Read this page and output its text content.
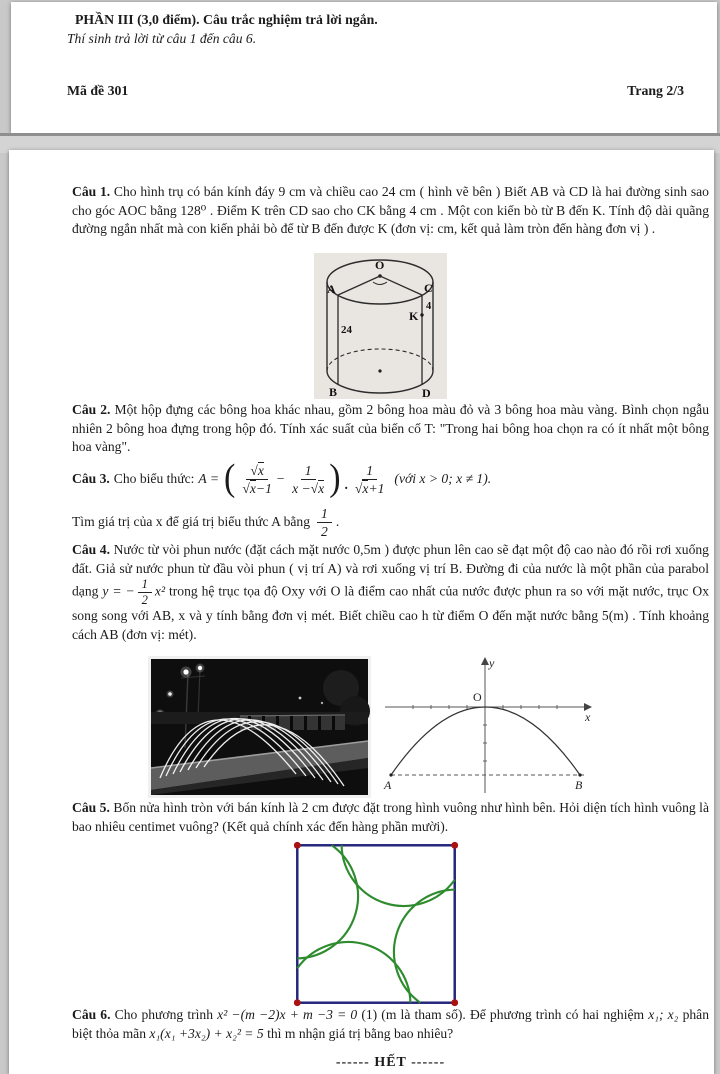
PHẦN III (3,0 điểm). Câu trắc nghiệm trả lời ngắn.
Thí sinh trả lời từ câu 1 đến câu 6.
Mã đề 301	Trang 2/3

Câu 1. Cho hình trụ có bán kính đáy 9 cm và chiều cao 24 cm ( hình vẽ bên ) Biết AB và CD là hai đường sinh sao cho góc AOC bằng 128⁰ . Điểm K trên CD sao cho CK bằng 4 cm . Một con kiến bò từ B đến K. Tính độ dài quãng đường ngắn nhất mà con kiến phải bò để từ B đến được K (đơn vị: cm, kết quả làm tròn đến hàng đơn vị ) .

O
A	C
K
4
24
B	D

Câu 2. Một hộp đựng các bông hoa khác nhau, gồm 2 bông hoa màu đỏ và 3 bông hoa màu vàng. Bình chọn ngẫu nhiên 2 bông hoa đựng trong hộp đó. Tính xác suất của biến cố T: "Trong hai bông hoa chọn ra có ít nhất một bông hoa vàng".

Câu 3. Cho biểu thức: A = ( $\frac{√x}{√x-1} - \frac{1}{x -√x}$ ) . $\frac{1}{√x+1}$ (với x > 0; x ≠ 1).
Tìm giá trị của x để giá trị biểu thức A bằng $\frac{1}{2}$ .

Câu 4. Nước từ vòi phun nước (đặt cách mặt nước 0,5m ) được phun lên cao sẽ đạt một độ cao nào đó rồi rơi xuống đất. Giả sử nước phun từ đầu vòi phun ( vị trí A) và rơi xuống vị trí B. Đường đi của nước là một phần của parabol dạng y = − $\frac{1}{2} x^2$ trong hệ trục tọa độ Oxy với O là điểm cao nhất của nước được phun ra so với mặt nước, trục Ox song song với AB, x và y tính bằng đơn vị mét. Biết chiều cao h từ điểm O đến mặt nước bằng 5(m) . Tính khoảng cách AB (đơn vị: mét).

y
x
O
A	B

Câu 5. Bốn nửa hình tròn với bán kính là 2 cm được đặt trong hình vuông như hình bên. Hỏi diện tích hình vuông là bao nhiêu centimet vuông? (Kết quả chính xác đến hàng phần mười).

Câu 6. Cho phương trình x² −(m −2)x + m −3 = 0 (1) (m là tham số). Để phương trình có hai nghiệm x₁; x₂ phân biệt thỏa mãn x₁(x₁ +3x₂) + x₂² = 5 thì m nhận giá trị bằng bao nhiêu?

------ HẾT ------
